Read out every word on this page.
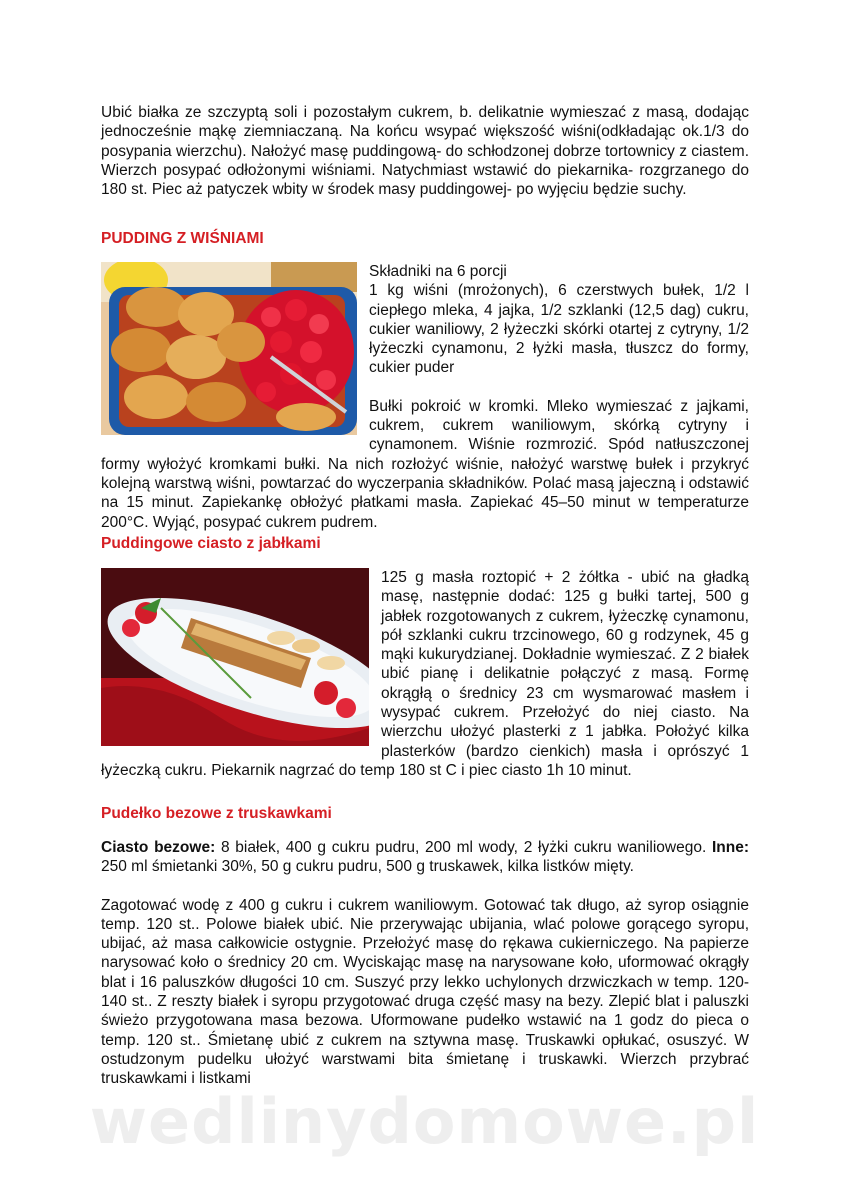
Ubić białka ze szczyptą soli i pozostałym cukrem, b. delikatnie wymieszać z masą, dodając jednocześnie mąkę ziemniaczaną. Na końcu wsypać większość wiśni(odkładając ok.1/3 do posypania wierzchu). Nałożyć masę puddingową- do schłodzonej dobrze tortownicy z ciastem. Wierzch posypać odłożonymi wiśniami. Natychmiast wstawić do piekarnika- rozgrzanego do 180 st. Piec aż patyczek wbity w środek masy puddingowej- po wyjęciu będzie suchy.

PUDDING Z WIŚNIAMI

Składniki na 6 porcji

1 kg wiśni (mrożonych), 6 czerstwych bułek, 1/2 l ciepłego mleka, 4 jajka, 1/2 szklanki (12,5 dag) cukru, cukier waniliowy, 2 łyżeczki skórki otartej z cytryny, 1/2 łyżeczki cynamonu, 2 łyżki masła, tłuszcz do formy, cukier puder

Bułki pokroić w kromki. Mleko wymieszać z jajkami, cukrem, cukrem waniliowym, skórką cytryny i cynamonem. Wiśnie rozmrozić. Spód natłuszczonej formy wyłożyć kromkami bułki. Na nich rozłożyć wiśnie, nałożyć warstwę bułek i przykryć kolejną warstwą wiśni, powtarzać do wyczerpania składników. Polać masą jajeczną i odstawić na 15 minut. Zapiekankę obłożyć płatkami masła. Zapiekać 45–50 minut w temperaturze 200°C. Wyjąć, posypać cukrem pudrem.

Puddingowe ciasto z jabłkami

125 g masła roztopić + 2 żółtka - ubić na gładką masę, następnie dodać: 125 g bułki tartej, 500 g jabłek rozgotowanych z cukrem, łyżeczkę cynamonu, pół szklanki cukru trzcinowego, 60 g rodzynek, 45 g mąki kukurydzianej. Dokładnie wymieszać. Z 2 białek ubić pianę i delikatnie połączyć z masą. Formę okrągłą o średnicy 23 cm wysmarować masłem i wysypać cukrem. Przełożyć do niej ciasto. Na wierzchu ułożyć plasterki z 1 jabłka. Położyć kilka plasterków (bardzo cienkich) masła i oprószyć 1 łyżeczką cukru. Piekarnik nagrzać do temp 180 st C i piec ciasto 1h 10 minut.

Pudełko bezowe z truskawkami

Ciasto bezowe: 8 białek, 400 g cukru pudru, 200 ml wody, 2 łyżki cukru waniliowego. Inne: 250 ml śmietanki 30%, 50 g cukru pudru, 500 g truskawek, kilka listków mięty.

Zagotować wodę z 400 g cukru i cukrem waniliowym. Gotować tak długo, aż syrop osiągnie temp. 120 st.. Polowe białek ubić. Nie przerywając ubijania, wlać polowe gorącego syropu, ubijać, aż masa całkowicie ostygnie. Przełożyć masę do rękawa cukierniczego. Na papierze narysować koło o średnicy 20 cm. Wyciskając masę na narysowane koło, uformować okrągły blat i 16 paluszków długości 10 cm. Suszyć przy lekko uchylonych drzwiczkach w temp. 120-140 st.. Z reszty białek i syropu przygotować druga część masy na bezy. Zlepić blat i paluszki świeżo przygotowana masa bezowa. Uformowane pudełko wstawić na 1 godz do pieca o temp. 120 st.. Śmietanę ubić z cukrem na sztywna masę. Truskawki opłukać, osuszyć. W ostudzonym pudelku ułożyć warstwami bita śmietanę i truskawki. Wierzch przybrać truskawkami i listkami

wedlinydomowe.pl
